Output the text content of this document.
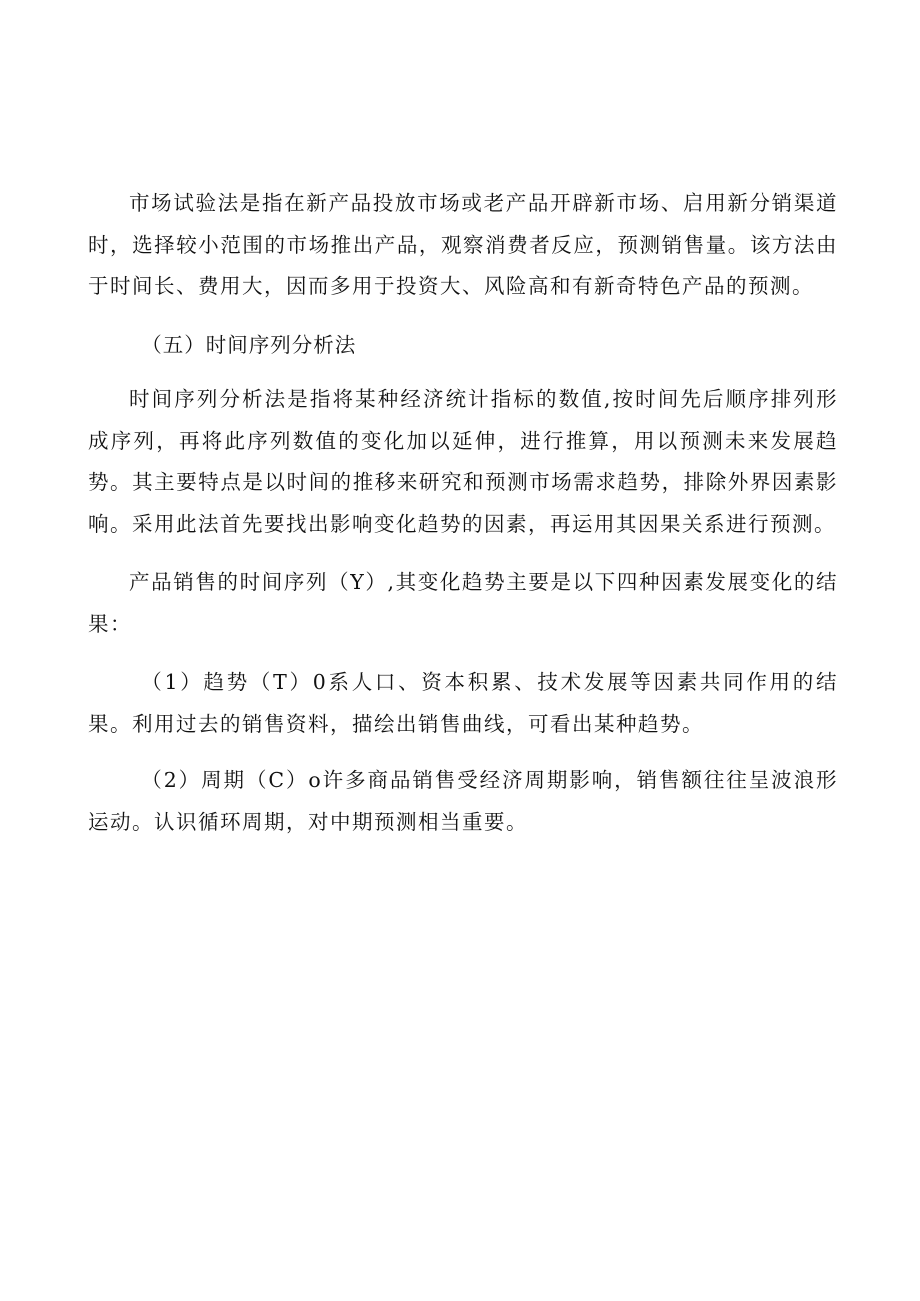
市场试验法是指在新产品投放市场或老产品开辟新市场、启用新分销渠道时，选择较小范围的市场推出产品，观察消费者反应，预测销售量。该方法由于时间长、费用大，因而多用于投资大、风险高和有新奇特色产品的预测。

（五）时间序列分析法

时间序列分析法是指将某种经济统计指标的数值,按时间先后顺序排列形成序列，再将此序列数值的变化加以延伸，进行推算，用以预测未来发展趋势。其主要特点是以时间的推移来研究和预测市场需求趋势，排除外界因素影响。采用此法首先要找出影响变化趋势的因素，再运用其因果关系进行预测。

产品销售的时间序列（Y）,其变化趋势主要是以下四种因素发展变化的结果：

（1）趋势（T）0系人口、资本积累、技术发展等因素共同作用的结果。利用过去的销售资料，描绘出销售曲线，可看出某种趋势。

（2）周期（C）o许多商品销售受经济周期影响，销售额往往呈波浪形运动。认识循环周期，对中期预测相当重要。
